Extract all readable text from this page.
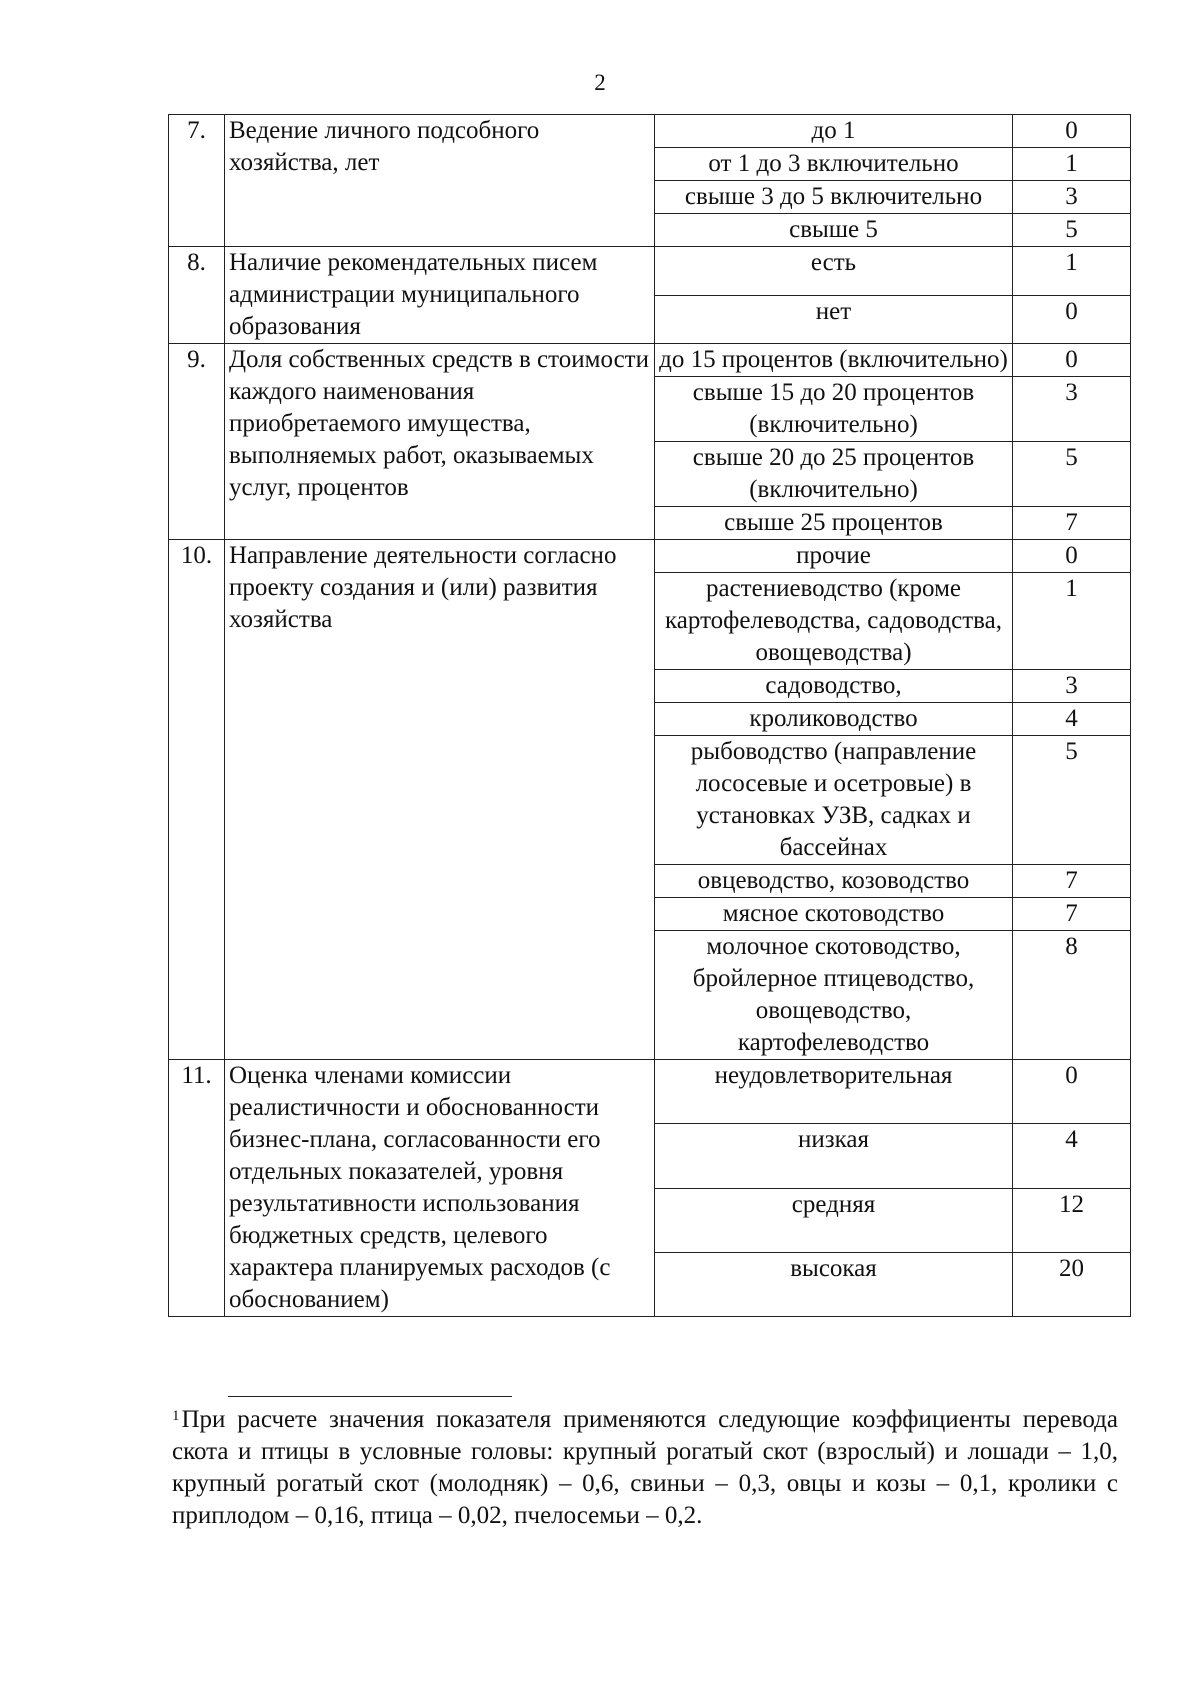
2
7.	Ведение личного подсобного хозяйства, лет	до 1	0
		от 1 до 3 включительно	1
		свыше 3 до 5 включительно	3
		свыше 5	5
8.	Наличие рекомендательных писем администрации муниципального образования	есть	1
		нет	0
9.	Доля собственных средств в стоимости каждого наименования приобретаемого имущества, выполняемых работ, оказываемых услуг, процентов	до 15 процентов (включительно)	0
		свыше 15 до 20 процентов (включительно)	3
		свыше 20 до 25 процентов (включительно)	5
		свыше 25 процентов	7
10.	Направление деятельности согласно проекту создания и (или) развития хозяйства	прочие	0
		растениеводство (кроме картофелеводства, садоводства, овощеводства)	1
		садоводство,	3
		кролиководство	4
		рыбоводство (направление лососевые и осетровые) в установках УЗВ, садках и бассейнах	5
		овцеводство, козоводство	7
		мясное скотоводство	7
		молочное скотоводство, бройлерное птицеводство, овощеводство, картофелеводство	8
11.	Оценка членами комиссии реалистичности и обоснованности бизнес-плана, согласованности его отдельных показателей, уровня результативности использования бюджетных средств, целевого характера планируемых расходов (с обоснованием)	неудовлетворительная	0
		низкая	4
		средняя	12
		высокая	20
$^1$При расчете значения показателя применяются следующие коэффициенты перевода скота и птицы в условные головы: крупный рогатый скот (взрослый) и лошади – 1,0, крупный рогатый скот (молодняк) – 0,6, свиньи – 0,3, овцы и козы – 0,1, кролики с приплодом – 0,16, птица – 0,02, пчелосемьи – 0,2.
